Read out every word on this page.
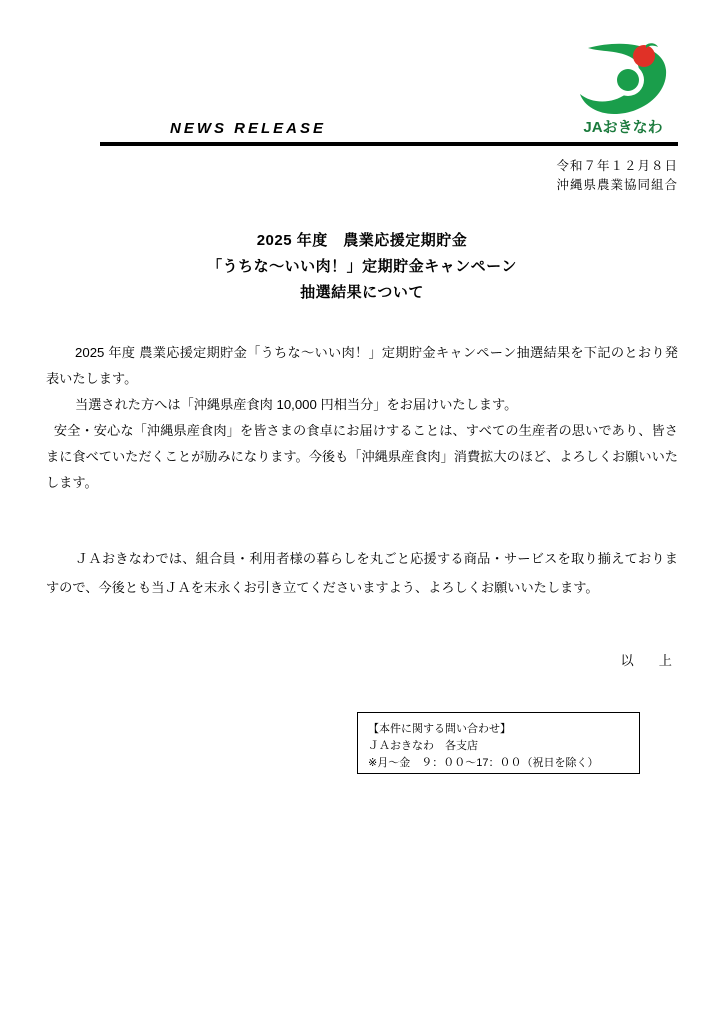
JAおきなわ
NEWS RELEASE
令和７年１２月８日
沖縄県農業協同組合
2025 年度　農業応援定期貯金
「うちな～いい肉！」定期貯金キャンペーン
抽選結果について

2025 年度 農業応援定期貯金「うちな～いい肉！」定期貯金キャンペーン抽選結果を下記のとおり発表いたします。

当選された方へは「沖縄県産食肉 10,000 円相当分」をお届けいたします。

安全・安心な「沖縄県産食肉」を皆さまの食卓にお届けすることは、すべての生産者の思いであり、皆さまに食べていただくことが励みになります。今後も「沖縄県産食肉」消費拡大のほど、よろしくお願いいたします。

ＪＡおきなわでは、組合員・利用者様の暮らしを丸ごと応援する商品・サービスを取り揃えておりますので、今後とも当ＪＡを末永くお引き立てくださいますよう、よろしくお願いいたします。

以　上
【本件に関する問い合わせ】
ＪＡおきなわ　各支店
※月～金　９：００～17：００（祝日を除く）
